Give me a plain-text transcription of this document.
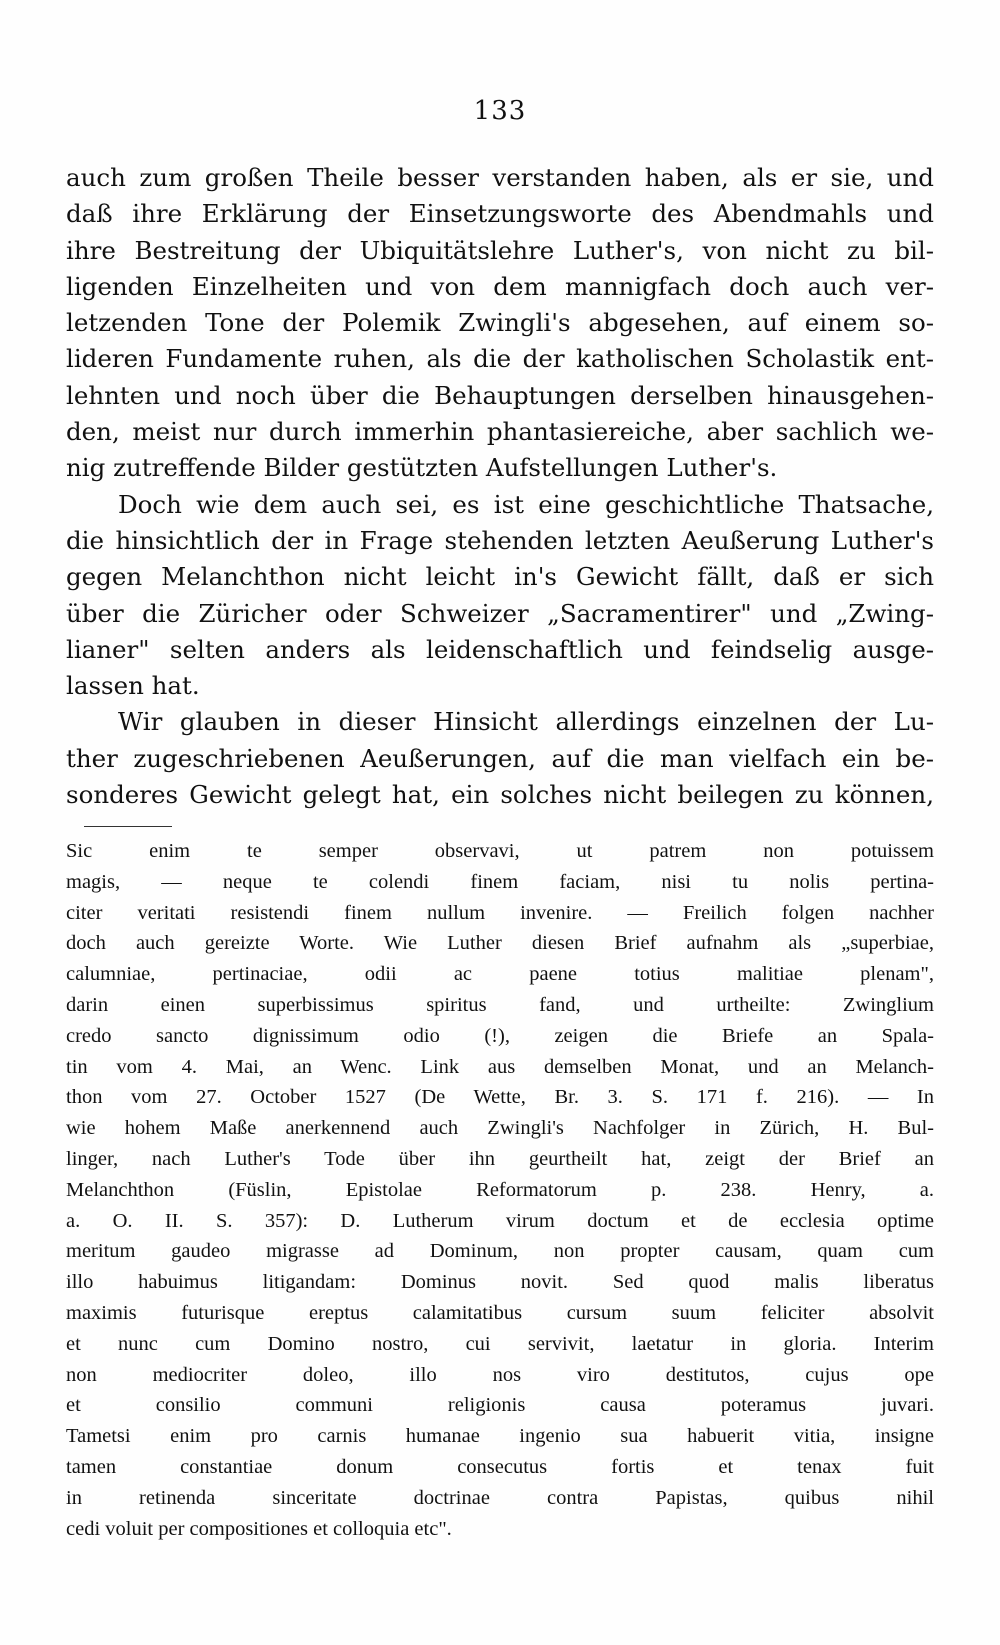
133
auch zum großen Theile besser verstanden haben, als er sie, und
daß ihre Erklärung der Einsetzungsworte des Abendmahls und
ihre Bestreitung der Ubiquitätslehre Luther's, von nicht zu bil-
ligenden Einzelheiten und von dem mannigfach doch auch ver-
letzenden Tone der Polemik Zwingli's abgesehen, auf einem so-
lideren Fundamente ruhen, als die der katholischen Scholastik ent-
lehnten und noch über die Behauptungen derselben hinausgehen-
den, meist nur durch immerhin phantasiereiche, aber sachlich we-
nig zutreffende Bilder gestützten Aufstellungen Luther's.
Doch wie dem auch sei, es ist eine geschichtliche Thatsache,
die hinsichtlich der in Frage stehenden letzten Aeußerung Luther's
gegen Melanchthon nicht leicht in's Gewicht fällt, daß er sich
über die Züricher oder Schweizer „Sacramentirer" und „Zwing-
lianer" selten anders als leidenschaftlich und feindselig ausge-
lassen hat.
Wir glauben in dieser Hinsicht allerdings einzelnen der Lu-
ther zugeschriebenen Aeußerungen, auf die man vielfach ein be-
sonderes Gewicht gelegt hat, ein solches nicht beilegen zu können,
Sic enim te semper observavi, ut patrem non potuissem
magis, — neque te colendi finem faciam, nisi tu nolis pertina-
citer veritati resistendi finem nullum invenire. — Freilich folgen nachher
doch auch gereizte Worte. Wie Luther diesen Brief aufnahm als „superbiae,
calumniae, pertinaciae, odii ac paene totius malitiae plenam",
darin einen superbissimus spiritus fand, und urtheilte: Zwinglium
credo sancto dignissimum odio (!), zeigen die Briefe an Spala-
tin vom 4. Mai, an Wenc. Link aus demselben Monat, und an Melanch-
thon vom 27. October 1527 (De Wette, Br. 3. S. 171 f. 216). — In
wie hohem Maße anerkennend auch Zwingli's Nachfolger in Zürich, H. Bul-
linger, nach Luther's Tode über ihn geurtheilt hat, zeigt der Brief an
Melanchthon (Füslin, Epistolae Reformatorum p. 238. Henry, a.
a. O. II. S. 357): D. Lutherum virum doctum et de ecclesia optime
meritum gaudeo migrasse ad Dominum, non propter causam, quam cum
illo habuimus litigandam: Dominus novit. Sed quod malis liberatus
maximis futurisque ereptus calamitatibus cursum suum feliciter absolvit
et nunc cum Domino nostro, cui servivit, laetatur in gloria. Interim
non mediocriter doleo, illo nos viro destitutos, cujus ope
et consilio communi religionis causa poteramus juvari.
Tametsi enim pro carnis humanae ingenio sua habuerit vitia, insigne
tamen constantiae donum consecutus fortis et tenax fuit
in retinenda sinceritate doctrinae contra Papistas, quibus nihil
cedi voluit per compositiones et colloquia etc".
